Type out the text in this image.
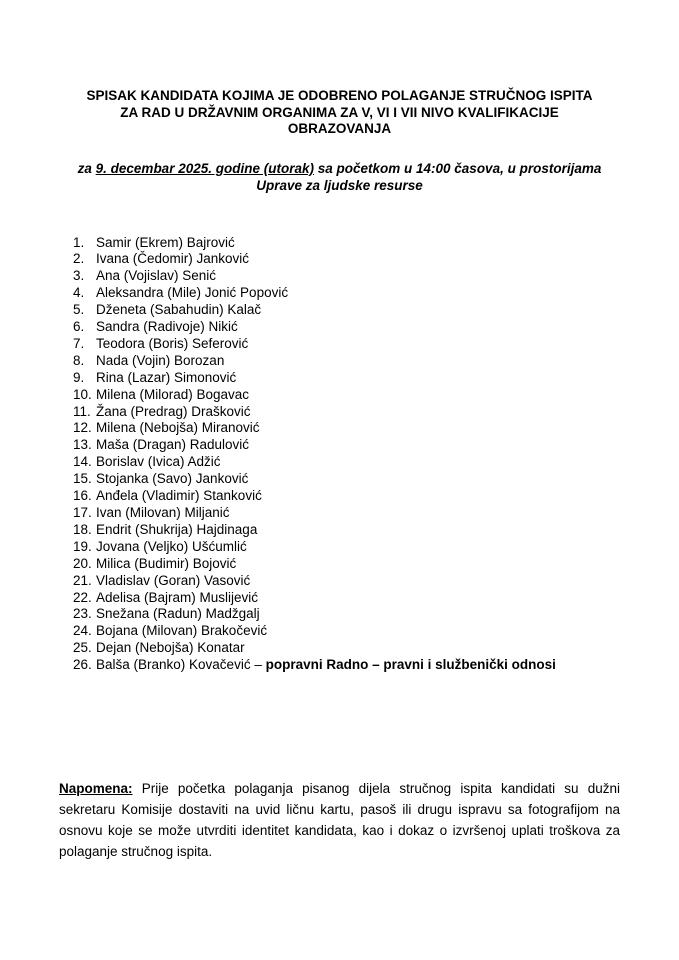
SPISAK KANDIDATA KOJIMA JE ODOBRENO POLAGANJE STRUČNOG ISPITA
ZA RAD U DRŽAVNIM ORGANIMA ZA V, VI I VII NIVO KVALIFIKACIJE
OBRAZOVANJA
za 9. decembar 2025. godine (utorak) sa početkom u 14:00 časova, u prostorijama
Uprave za ljudske resurse
1. Samir (Ekrem) Bajrović
2. Ivana (Čedomir) Janković
3. Ana (Vojislav) Senić
4. Aleksandra (Mile) Jonić Popović
5. Dženeta (Sabahudin) Kalač
6. Sandra (Radivoje) Nikić
7. Teodora (Boris) Seferović
8. Nada (Vojin) Borozan
9. Rina (Lazar) Simonović
10. Milena (Milorad) Bogavac
11. Žana (Predrag) Drašković
12. Milena (Nebojša) Miranović
13. Maša (Dragan) Radulović
14. Borislav (Ivica) Adžić
15. Stojanka (Savo) Janković
16. Anđela (Vladimir) Stanković
17. Ivan (Milovan) Miljanić
18. Endrit (Shukrija) Hajdinaga
19. Jovana (Veljko) Ušćumlić
20. Milica (Budimir) Bojović
21. Vladislav (Goran) Vasović
22. Adelisa (Bajram) Muslijević
23. Snežana (Radun) Madžgalj
24. Bojana (Milovan) Brakočević
25. Dejan (Nebojša) Konatar
26. Balša (Branko) Kovačević – popravni Radno – pravni i službenički odnosi

Napomena: Prije početka polaganja pisanog dijela stručnog ispita kandidati su dužni sekretaru Komisije dostaviti na uvid ličnu kartu, pasoš ili drugu ispravu sa fotografijom na osnovu koje se može utvrditi identitet kandidata, kao i dokaz o izvršenoj uplati troškova za polaganje stručnog ispita.
